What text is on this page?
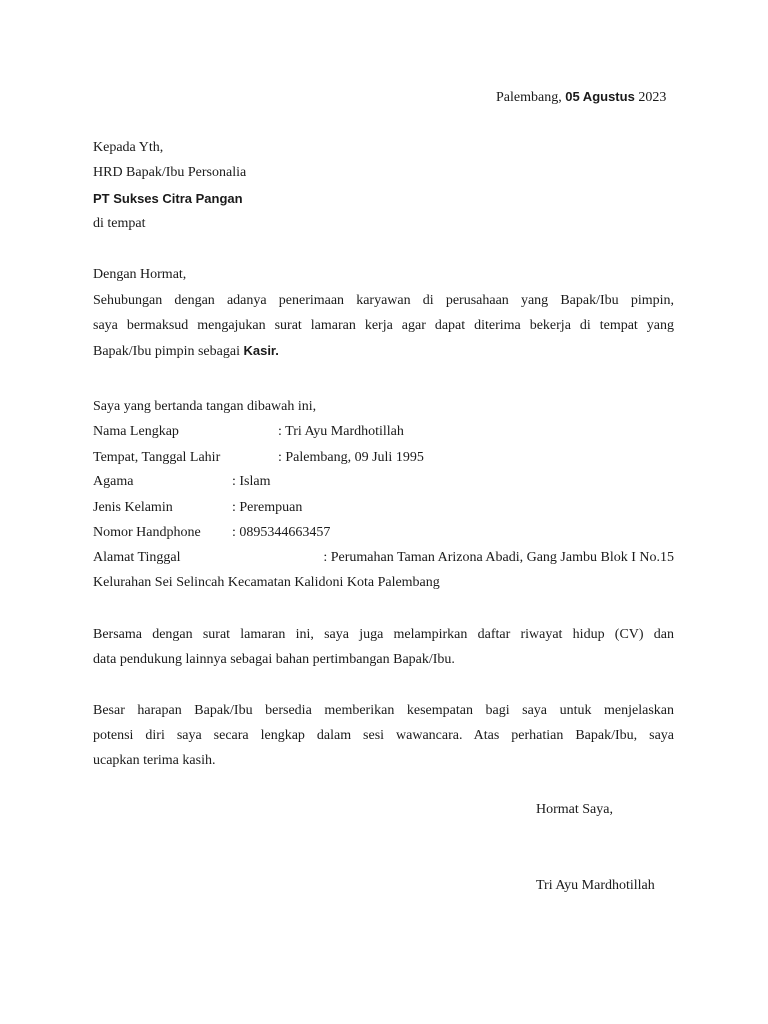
Palembang, 05 Agustus 2023
Kepada Yth,
HRD Bapak/Ibu Personalia
PT Sukses Citra Pangan
di tempat
Dengan Hormat,
Sehubungan dengan adanya penerimaan karyawan di perusahaan yang Bapak/Ibu pimpin,
saya bermaksud mengajukan surat lamaran kerja agar dapat diterima bekerja di tempat yang
Bapak/Ibu pimpin sebagai Kasir.
Saya yang bertanda tangan dibawah ini,
Nama Lengkap	: Tri Ayu Mardhotillah
Tempat, Tanggal Lahir	: Palembang, 09 Juli 1995
Agama	: Islam
Jenis Kelamin	: Perempuan
Nomor Handphone : 0895344663457
Alamat Tinggal	: Perumahan Taman Arizona Abadi, Gang Jambu Blok I No.15
Kelurahan Sei Selincah Kecamatan Kalidoni Kota Palembang
Bersama dengan surat lamaran ini, saya juga melampirkan daftar riwayat hidup (CV) dan
data pendukung lainnya sebagai bahan pertimbangan Bapak/Ibu.
Besar harapan Bapak/Ibu bersedia memberikan kesempatan bagi saya untuk menjelaskan
potensi diri saya secara lengkap dalam sesi wawancara. Atas perhatian Bapak/Ibu, saya
ucapkan terima kasih.
Hormat Saya,
Tri Ayu Mardhotillah
